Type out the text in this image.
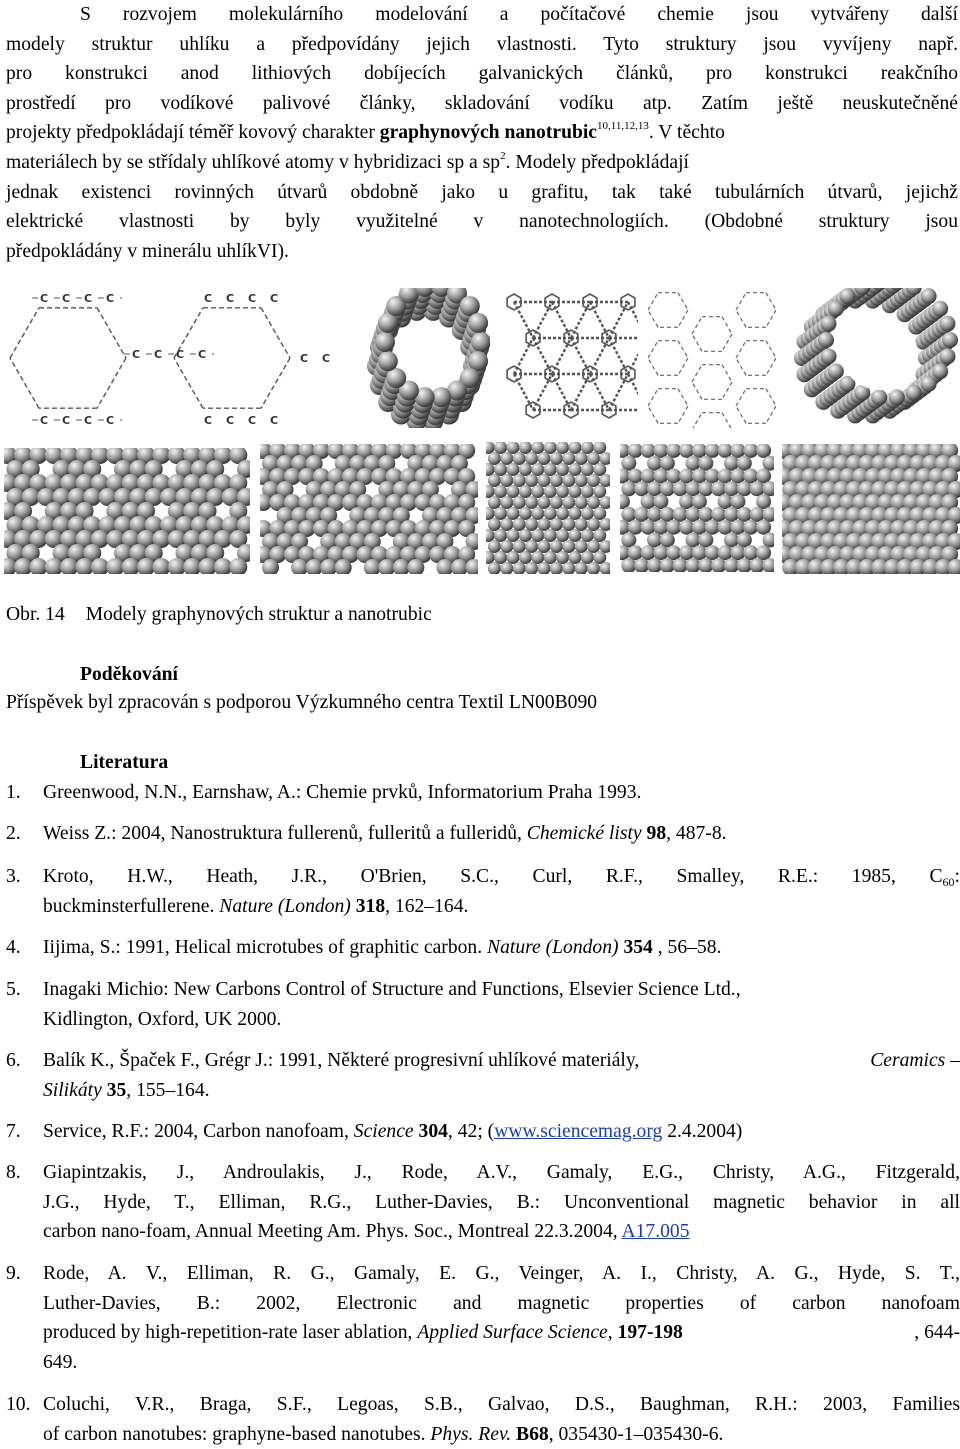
S rozvojem molekulárního modelování a počítačové chemie jsou vytvářeny další
modely struktur uhlíku a předpovídány jejich vlastnosti. Tyto struktury jsou vyvíjeny např.
pro konstrukci anod lithiových dobíjecích galvanických článků, pro konstrukci reakčního
prostředí pro vodíkové palivové články, skladování vodíku atp. Zatím ještě neuskutečněné
projekty předpokládají téměř kovový charakter graphynových nanotrubic$^{10,11,12,13}$. V těchto
materiálech by se střídaly uhlíkové atomy v hybridizaci sp a $sp^2$. Modely předpokládají
jednak existenci rovinných útvarů obdobně jako u grafitu, tak také tubulárních útvarů, jejichž
elektrické vlastnosti by byly využitelné v nanotechnologiích. (Obdobné struktury jsou
předpokládány v minerálu uhlíkVI).
C C C C
C C C C
C C C C
C
C
C
C
C
C
C
C
C C
Obr. 14 Modely graphynových struktur a nanotrubic
Poděkování
Příspěvek byl zpracován s podporou Výzkumného centra Textil LN00B090
Literatura
1. Greenwood, N.N., Earnshaw, A.: Chemie prvků, Informatorium Praha 1993.
2. Weiss Z.: 2004, Nanostruktura fullerenů, fulleritů a fulleridů, Chemické listy 98, 487-8.
3. Kroto, H.W., Heath, J.R., O'Brien, S.C., Curl, R.F., Smalley, R.E.: 1985, $C_{60}$:
buckminsterfullerene. Nature (London) 318, 162–164.
4. Iijima, S.: 1991, Helical microtubes of graphitic carbon. Nature (London) 354 , 56–58.
5. Inagaki Michio: New Carbons Control of Structure and Functions, Elsevier Science Ltd.,
Kidlington, Oxford, UK 2000.
6. Balík K., Špaček F., Grégr J.: 1991, Některé progresivní uhlíkové materiály,	Ceramics –
Silikáty 35, 155–164.
7. Service, R.F.: 2004, Carbon nanofoam, Science 304, 42; (www.sciencemag.org 2.4.2004)
8. Giapintzakis, J., Androulakis, J., Rode, A.V., Gamaly, E.G., Christy, A.G., Fitzgerald,
J.G., Hyde, T., Elliman, R.G., Luther-Davies, B.: Unconventional magnetic behavior in all
carbon nano-foam, Annual Meeting Am. Phys. Soc., Montreal 22.3.2004, A17.005
9. Rode, A. V., Elliman, R. G., Gamaly, E. G., Veinger, A. I., Christy, A. G., Hyde, S. T.,
Luther-Davies, B.: 2002, Electronic and magnetic properties of carbon nanofoam
produced by high-repetition-rate laser ablation, Applied Surface Science, 197-198	, 644-
649.
10. Coluchi, V.R., Braga, S.F., Legoas, S.B., Galvao, D.S., Baughman, R.H.: 2003, Families
of carbon nanotubes: graphyne-based nanotubes. Phys. Rev. B68, 035430-1–035430-6.
